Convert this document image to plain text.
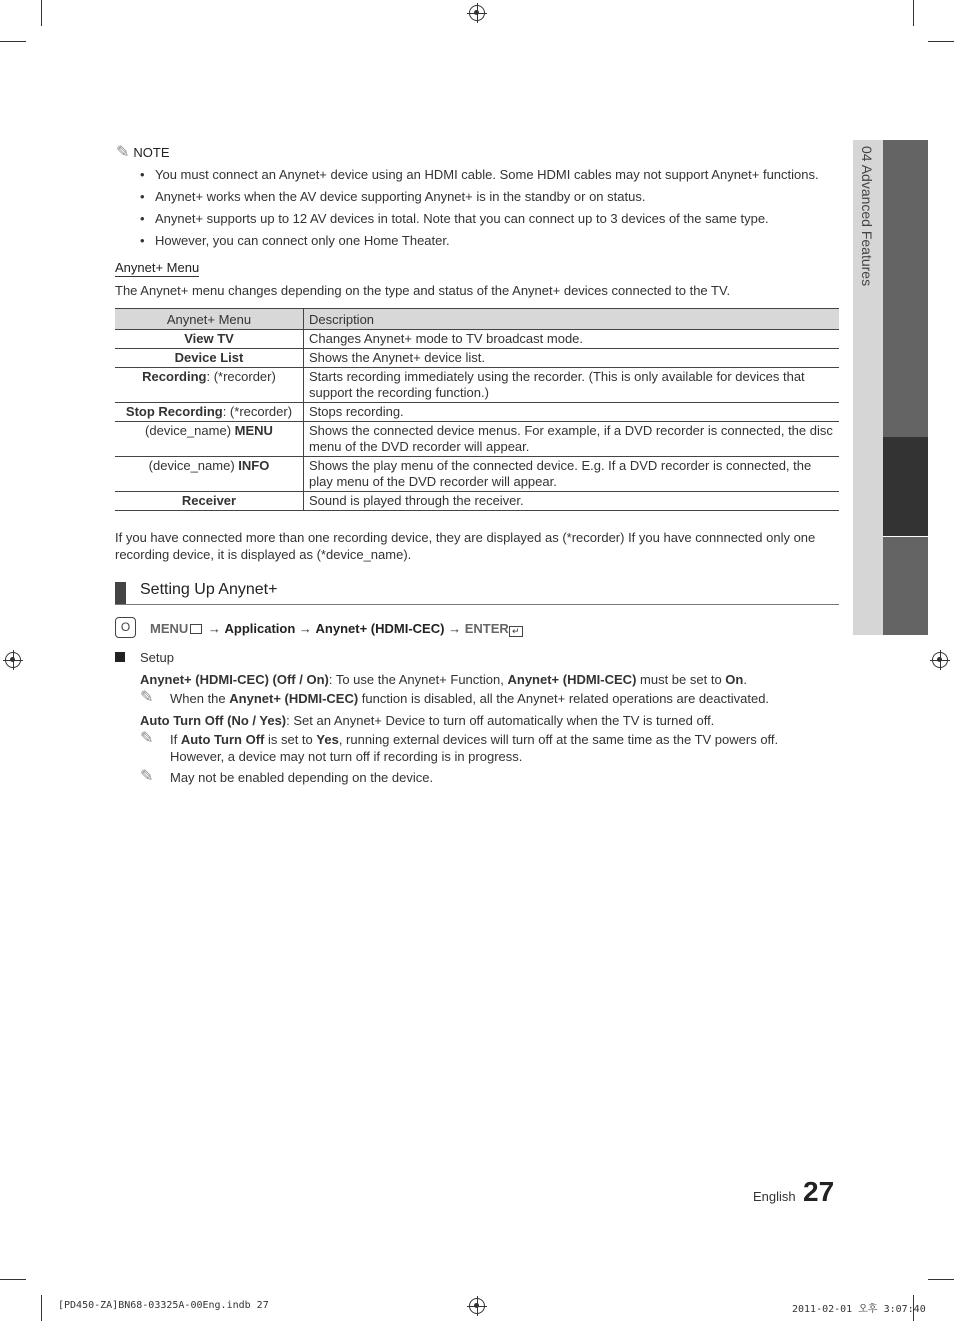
04 Advanced Features
✎ NOTE
• You must connect an Anynet+ device using an HDMI cable. Some HDMI cables may not support Anynet+ functions.
• Anynet+ works when the AV device supporting Anynet+ is in the standby or on status.
• Anynet+ supports up to 12 AV devices in total. Note that you can connect up to 3 devices of the same type.
• However, you can connect only one Home Theater.
Anynet+ Menu
The Anynet+ menu changes depending on the type and status of the Anynet+ devices connected to the TV.
Anynet+ Menu	Description
View TV	Changes Anynet+ mode to TV broadcast mode.
Device List	Shows the Anynet+ device list.
Recording: (*recorder)	Starts recording immediately using the recorder. (This is only available for devices that support the recording function.)
Stop Recording: (*recorder)	Stops recording.
(device_name) MENU	Shows the connected device menus. For example, if a DVD recorder is connected, the disc menu of the DVD recorder will appear.
(device_name) INFO	Shows the play menu of the connected device. E.g. If a DVD recorder is connected, the play menu of the DVD recorder will appear.
Receiver	Sound is played through the receiver.
If you have connected more than one recording device, they are displayed as (*recorder) If you have connnected only one recording device, it is displayed as (*device_name).
Setting Up Anynet+
O	MENU → Application → Anynet+ (HDMI-CEC) → ENTER ↵
Setup
Anynet+ (HDMI-CEC) (Off / On): To use the Anynet+ Function, Anynet+ (HDMI-CEC) must be set to On.
✎ When the Anynet+ (HDMI-CEC) function is disabled, all the Anynet+ related operations are deactivated.
Auto Turn Off (No / Yes): Set an Anynet+ Device to turn off automatically when the TV is turned off.
✎ If Auto Turn Off is set to Yes, running external devices will turn off at the same time as the TV powers off.
However, a device may not turn off if recording is in progress.
✎ May not be enabled depending on the device.
English 27
[PD450-ZA]BN68-03325A-00Eng.indb 27	2011-02-01 오후 3:07:40
